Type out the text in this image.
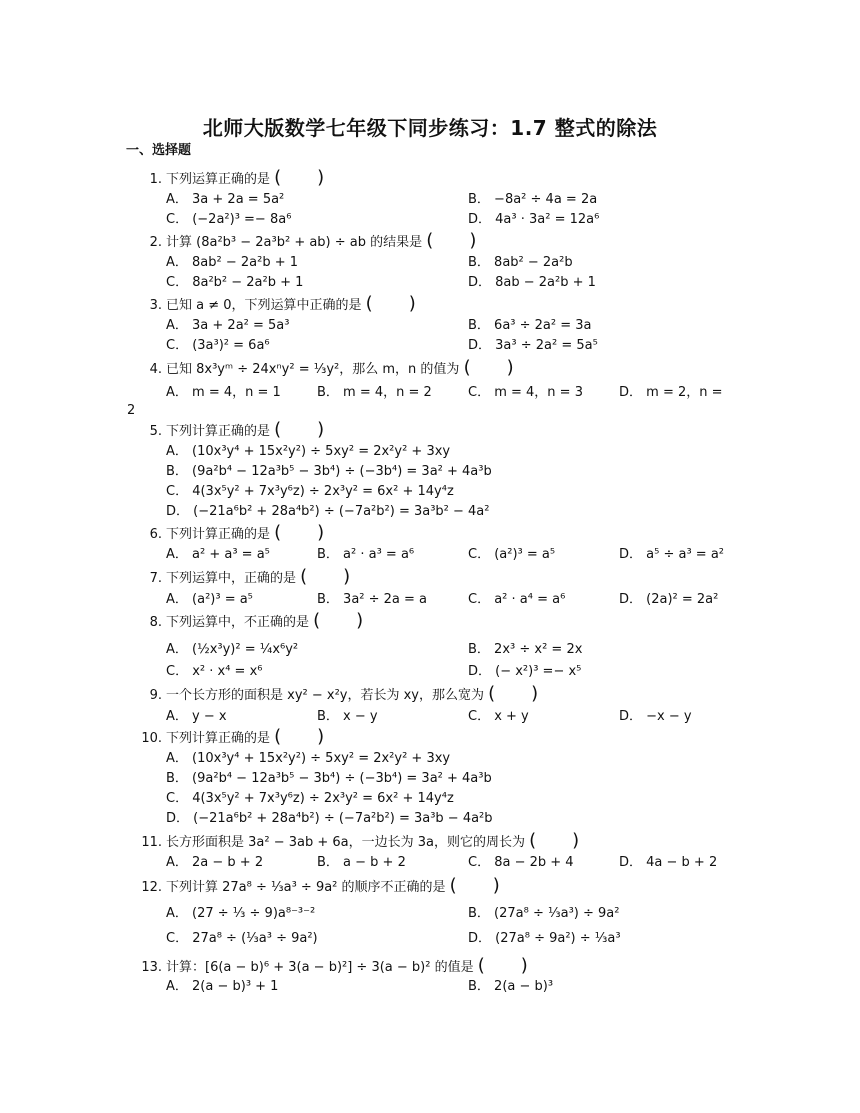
北师大版数学七年级下同步练习：1.7 整式的除法
一、选择题
1. 下列运算正确的是 (　　)
A． 3a + 2a = 5a²	B． −8a² ÷ 4a = 2a
C． (−2a²)³ =− 8a⁶	D． 4a³ · 3a² = 12a⁶
2. 计算 (8a²b³ − 2a³b² + ab) ÷ ab 的结果是 (　　)
A． 8ab² − 2a²b + 1	B． 8ab² − 2a²b
C． 8a²b² − 2a²b + 1	D． 8ab − 2a²b + 1
3. 已知 a ≠ 0，下列运算中正确的是 (　　)
A． 3a + 2a² = 5a³	B． 6a³ ÷ 2a² = 3a
C． (3a³)² = 6a⁶	D． 3a³ ÷ 2a² = 5a⁵
4. 已知 8x³yᵐ ÷ 24xⁿy² = ⅓y²，那么 m，n 的值为 (　　)
A． m = 4，n = 1	B． m = 4，n = 2	C． m = 4，n = 3	D． m = 2，n =
2
5. 下列计算正确的是 (　　)
A． (10x³y⁴ + 15x²y²) ÷ 5xy² = 2x²y² + 3xy
B． (9a²b⁴ − 12a³b⁵ − 3b⁴) ÷ (−3b⁴) = 3a² + 4a³b
C． 4(3x⁵y² + 7x³y⁶z) ÷ 2x³y² = 6x² + 14y⁴z
D． (−21a⁶b² + 28a⁴b²) ÷ (−7a²b²) = 3a³b² − 4a²
6. 下列计算正确的是 (　　)
A． a² + a³ = a⁵	B． a² · a³ = a⁶	C． (a²)³ = a⁵	D． a⁵ ÷ a³ = a²
7. 下列运算中，正确的是 (　　)
A． (a²)³ = a⁵	B． 3a² ÷ 2a = a	C． a² · a⁴ = a⁶	D． (2a)² = 2a²
8. 下列运算中，不正确的是 (　　)
A． (½x³y)² = ¼x⁶y²	B． 2x³ ÷ x² = 2x
C． x² · x⁴ = x⁶	D． (− x²)³ =− x⁵
9. 一个长方形的面积是 xy² − x²y，若长为 xy，那么宽为 (　　)
A． y − x	B． x − y	C． x + y	D． −x − y
10. 下列计算正确的是 (　　)
A． (10x³y⁴ + 15x²y²) ÷ 5xy² = 2x²y² + 3xy
B． (9a²b⁴ − 12a³b⁵ − 3b⁴) ÷ (−3b⁴) = 3a² + 4a³b
C． 4(3x⁵y² + 7x³y⁶z) ÷ 2x³y² = 6x² + 14y⁴z
D． (−21a⁶b² + 28a⁴b²) ÷ (−7a²b²) = 3a³b − 4a²b
11. 长方形面积是 3a² − 3ab + 6a，一边长为 3a，则它的周长为 (　　)
A． 2a − b + 2	B． a − b + 2	C． 8a − 2b + 4	D． 4a − b + 2
12. 下列计算 27a⁸ ÷ ⅓a³ ÷ 9a² 的顺序不正确的是 (　　)
A． (27 ÷ ⅓ ÷ 9)a⁸⁻³⁻²	B． (27a⁸ ÷ ⅓a³) ÷ 9a²
C． 27a⁸ ÷ (⅓a³ ÷ 9a²)	D． (27a⁸ ÷ 9a²) ÷ ⅓a³
13. 计算：[6(a − b)⁶ + 3(a − b)²] ÷ 3(a − b)² 的值是 (　　)
A． 2(a − b)³ + 1	B． 2(a − b)³
